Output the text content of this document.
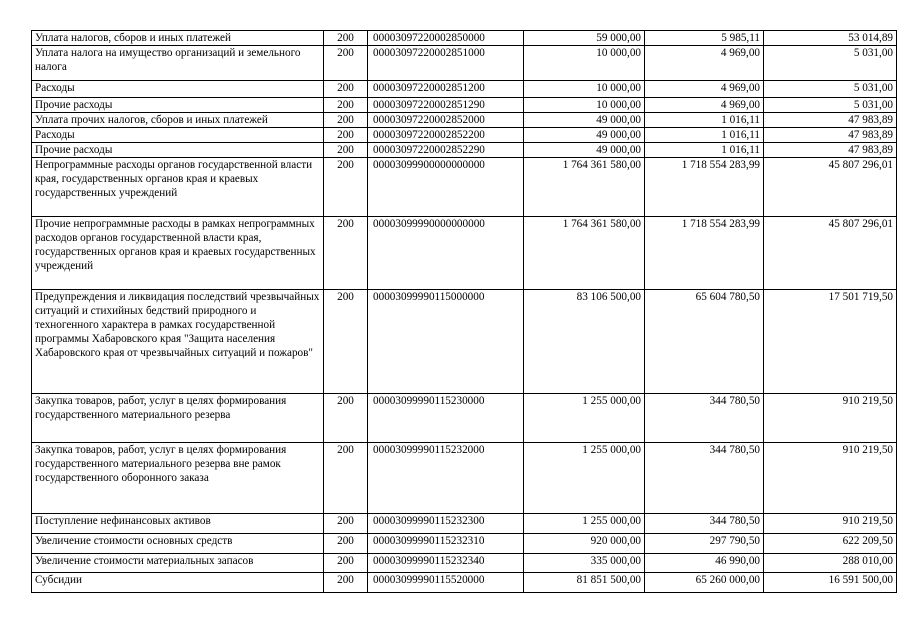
Уплата налогов, сборов и иных платежей	200	00003097220002850000	59 000,00	5 985,11	53 014,89
Уплата налога на имущество организаций и земельного налога	200	00003097220002851000	10 000,00	4 969,00	5 031,00
Расходы	200	00003097220002851200	10 000,00	4 969,00	5 031,00
Прочие расходы	200	00003097220002851290	10 000,00	4 969,00	5 031,00
Уплата прочих налогов, сборов и иных платежей	200	00003097220002852000	49 000,00	1 016,11	47 983,89
Расходы	200	00003097220002852200	49 000,00	1 016,11	47 983,89
Прочие расходы	200	00003097220002852290	49 000,00	1 016,11	47 983,89
Непрограммные расходы органов государственной власти края, государственных органов края и краевых государственных учреждений	200	00003099900000000000	1 764 361 580,00	1 718 554 283,99	45 807 296,01
Прочие непрограммные расходы в рамках непрограммных расходов органов государственной власти края, государственных органов края и краевых государственных учреждений	200	00003099990000000000	1 764 361 580,00	1 718 554 283,99	45 807 296,01
Предупреждения и ликвидация последствий чрезвычайных ситуаций и стихийных бедствий природного и техногенного характера в рамках государственной программы Хабаровского края "Защита населения Хабаровского края от чрезвычайных ситуаций и пожаров"	200	00003099990115000000	83 106 500,00	65 604 780,50	17 501 719,50
Закупка товаров, работ, услуг в целях формирования государственного материального резерва	200	00003099990115230000	1 255 000,00	344 780,50	910 219,50
Закупка товаров, работ, услуг в целях формирования государственного материального резерва вне рамок государственного оборонного заказа	200	00003099990115232000	1 255 000,00	344 780,50	910 219,50
Поступление нефинансовых активов	200	00003099990115232300	1 255 000,00	344 780,50	910 219,50
Увеличение стоимости основных средств	200	00003099990115232310	920 000,00	297 790,50	622 209,50
Увеличение стоимости материальных запасов	200	00003099990115232340	335 000,00	46 990,00	288 010,00
Субсидии	200	00003099990115520000	81 851 500,00	65 260 000,00	16 591 500,00
